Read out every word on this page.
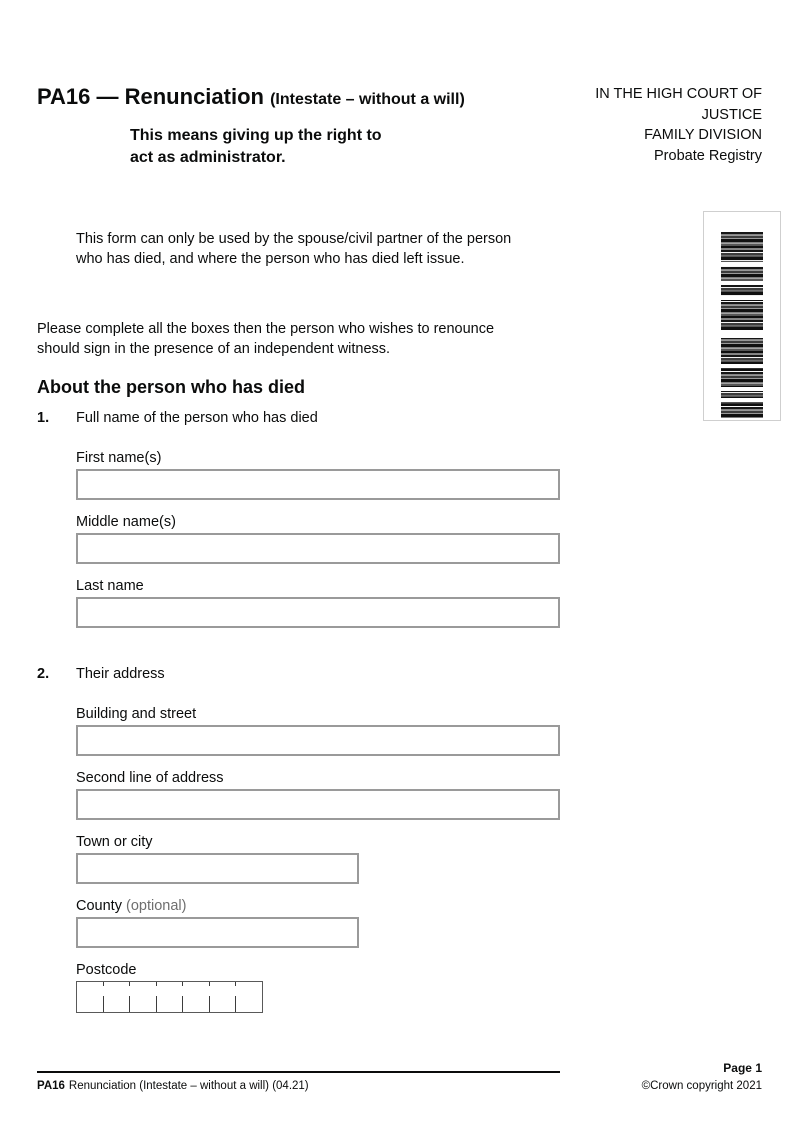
PA16 — Renunciation (Intestate – without a will)
This means giving up the right to
act as administrator.
IN THE HIGH COURT OF
JUSTICE
FAMILY DIVISION
Probate Registry
This form can only be used by the spouse/civil partner of the person
who has died, and where the person who has died left issue.
Please complete all the boxes then the person who wishes to renounce
should sign in the presence of an independent witness.
About the person who has died
1.	Full name of the person who has died
First name(s)
Middle name(s)
Last name
2.	Their address
Building and street
Second line of address
Town or city
County (optional)
Postcode
PA16 Renunciation (Intestate – without a will) (04.21)
Page 1
©Crown copyright 2021
